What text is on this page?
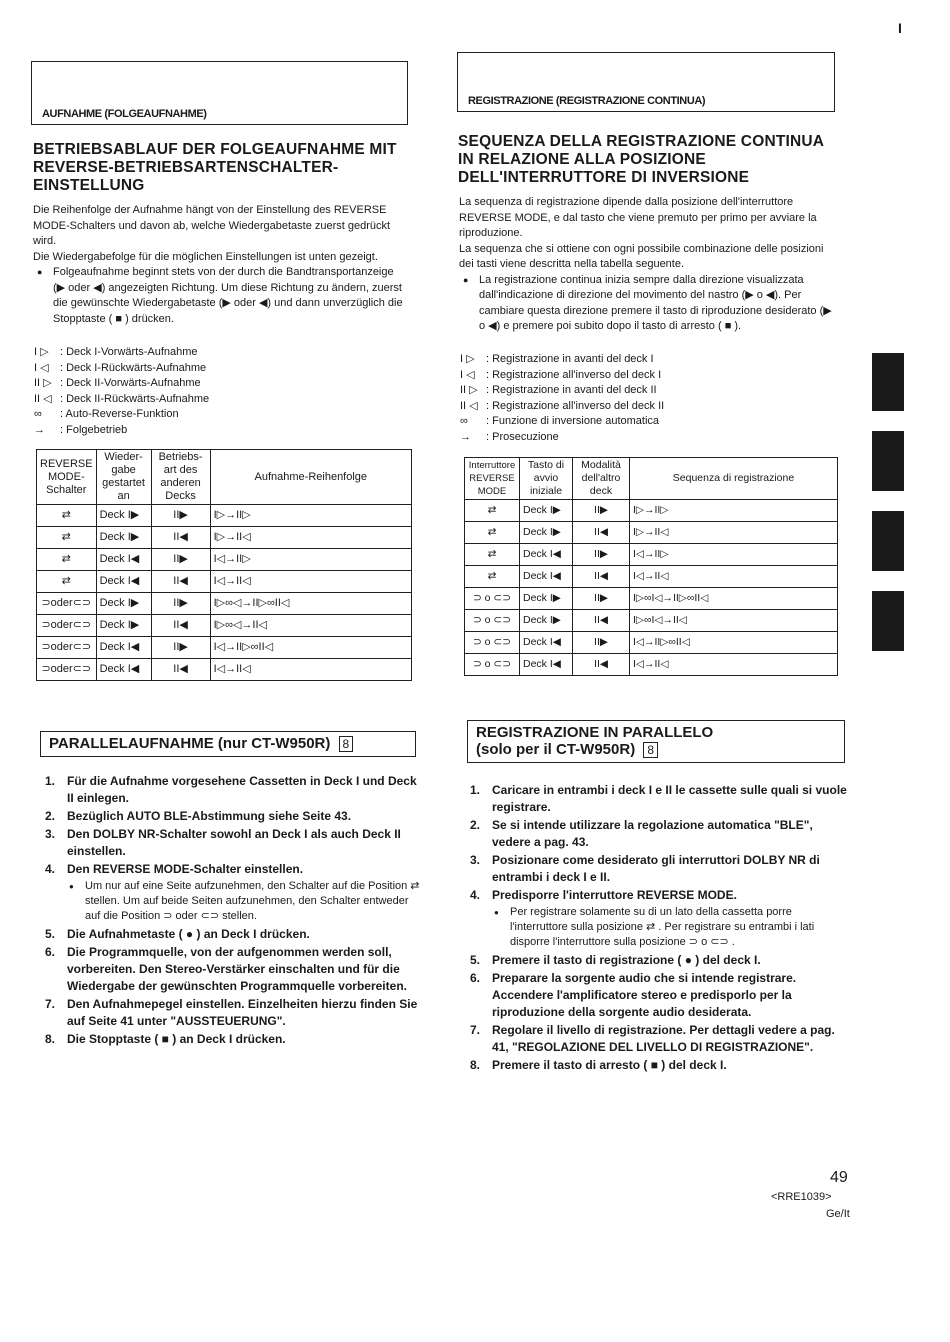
I
AUFNAHME (FOLGEAUFNAHME)
BETRIEBSABLAUF DER FOLGEAUFNAHME MIT REVERSE-BETRIEBSARTENSCHALTER-EINSTELLUNG

Die Reihenfolge der Aufnahme hängt von der Einstellung des REVERSE MODE-Schalters und davon ab, welche Wiedergabetaste zuerst gedrückt wird.

Die Wiedergabefolge für die möglichen Einstellungen ist unten gezeigt.

● Folgeaufnahme beginnt stets von der durch die Bandtransportanzeige (▶ oder ◀) angezeigten Richtung. Um diese Richtung zu ändern, zuerst die gewünschte Wiedergabetaste (▶ oder ◀) und dann unverzüglich die Stopptaste ( ■ ) drücken.

I ▷ : Deck I-Vorwärts-Aufnahme
I ◁ : Deck I-Rückwärts-Aufnahme
II ▷ : Deck II-Vorwärts-Aufnahme
II ◁ : Deck II-Rückwärts-Aufnahme
∞ : Auto-Reverse-Funktion
→ : Folgebetrieb
REVERSE MODE-Schalter	Wieder-gabe gestartet an	Betriebs-art des anderen Decks	Aufnahme-Reihenfolge
⇄	Deck I▶	II▶	I▷→II▷
⇄	Deck I▶	II◀	I▷→II◁
⇄	Deck I◀	II▶	I◁→II▷
⇄	Deck I◀	II◀	I◁→II◁
⊃oder⊂⊃	Deck I▶	II▶	I▷∞◁→II▷∞II◁
⊃oder⊂⊃	Deck I▶	II◀	I▷∞◁→II◁
⊃oder⊂⊃	Deck I◀	II▶	I◁→II▷∞II◁
⊃oder⊂⊃	Deck I◀	II◀	I◁→II◁
PARALLELAUFNAHME (nur CT-W950R) 8
1. Für die Aufnahme vorgesehene Cassetten in Deck I und Deck II einlegen.
2. Bezüglich AUTO BLE-Abstimmung siehe Seite 43.
3. Den DOLBY NR-Schalter sowohl an Deck I als auch Deck II einstellen.
4. Den REVERSE MODE-Schalter einstellen.
● Um nur auf eine Seite aufzunehmen, den Schalter auf die Position ⇄ stellen. Um auf beide Seiten aufzunehmen, den Schalter entweder auf die Position ⊃ oder ⊂⊃ stellen.
5. Die Aufnahmetaste ( ● ) an Deck I drücken.
6. Die Programmquelle, von der aufgenommen werden soll, vorbereiten. Den Stereo-Verstärker einschalten und für die Wiedergabe der gewünschten Programmquelle vorbereiten.
7. Den Aufnahmepegel einstellen. Einzelheiten hierzu finden Sie auf Seite 41 unter "AUSSTEUERUNG".
8. Die Stopptaste ( ■ ) an Deck I drücken.
REGISTRAZIONE (REGISTRAZIONE CONTINUA)
SEQUENZA DELLA REGISTRAZIONE CONTINUA IN RELAZIONE ALLA POSIZIONE DELL'INTERRUTTORE DI INVERSIONE

La sequenza di registrazione dipende dalla posizione dell'interruttore REVERSE MODE, e dal tasto che viene premuto per primo per avviare la riproduzione.

La sequenza che si ottiene con ogni possibile combinazione delle posizioni dei tasti viene descritta nella tabella seguente.

● La registrazione continua inizia sempre dalla direzione visualizzata dall'indicazione di direzione del movimento del nastro (▶ o ◀). Per cambiare questa direzione premere il tasto di riproduzione desiderato (▶ o ◀) e premere poi subito dopo il tasto di arresto ( ■ ).

I ▷ : Registrazione in avanti del deck I
I ◁ : Registrazione all'inverso del deck I
II ▷ : Registrazione in avanti del deck II
II ◁ : Registrazione all'inverso del deck II
∞ : Funzione di inversione automatica
→ : Prosecuzione
Interruttore REVERSE MODE	Tasto di avvio iniziale	Modalità dell'altro deck	Sequenza di registrazione
⇄	Deck I▶	II▶	I▷→II▷
⇄	Deck I▶	II◀	I▷→II◁
⇄	Deck I◀	II▶	I◁→II▷
⇄	Deck I◀	II◀	I◁→II◁
⊃ o ⊂⊃	Deck I▶	II▶	I▷∞I◁→II▷∞II◁
⊃ o ⊂⊃	Deck I▶	II◀	I▷∞I◁→II◁
⊃ o ⊂⊃	Deck I◀	II▶	I◁→II▷∞II◁
⊃ o ⊂⊃	Deck I◀	II◀	I◁→II◁
REGISTRAZIONE IN PARALLELO
(solo per il CT-W950R) 8
1. Caricare in entrambi i deck I e II le cassette sulle quali si vuole registrare.
2. Se si intende utilizzare la regolazione automatica "BLE", vedere a pag. 43.
3. Posizionare come desiderato gli interruttori DOLBY NR di entrambi i deck I e II.
4. Predisporre l'interruttore REVERSE MODE.
● Per registrare solamente su di un lato della cassetta porre l'interruttore sulla posizione ⇄ . Per registrare su entrambi i lati disporre l'interruttore sulla posizione ⊃ o ⊂⊃ .
5. Premere il tasto di registrazione ( ● ) del deck I.
6. Preparare la sorgente audio che si intende registrare. Accendere l'amplificatore stereo e predisporlo per la riproduzione della sorgente audio desiderata.
7. Regolare il livello di registrazione. Per dettagli vedere a pag. 41, "REGOLAZIONE DEL LIVELLO DI REGISTRAZIONE".
8. Premere il tasto di arresto ( ■ ) del deck I.
49
<RRE1039>
Ge/It
